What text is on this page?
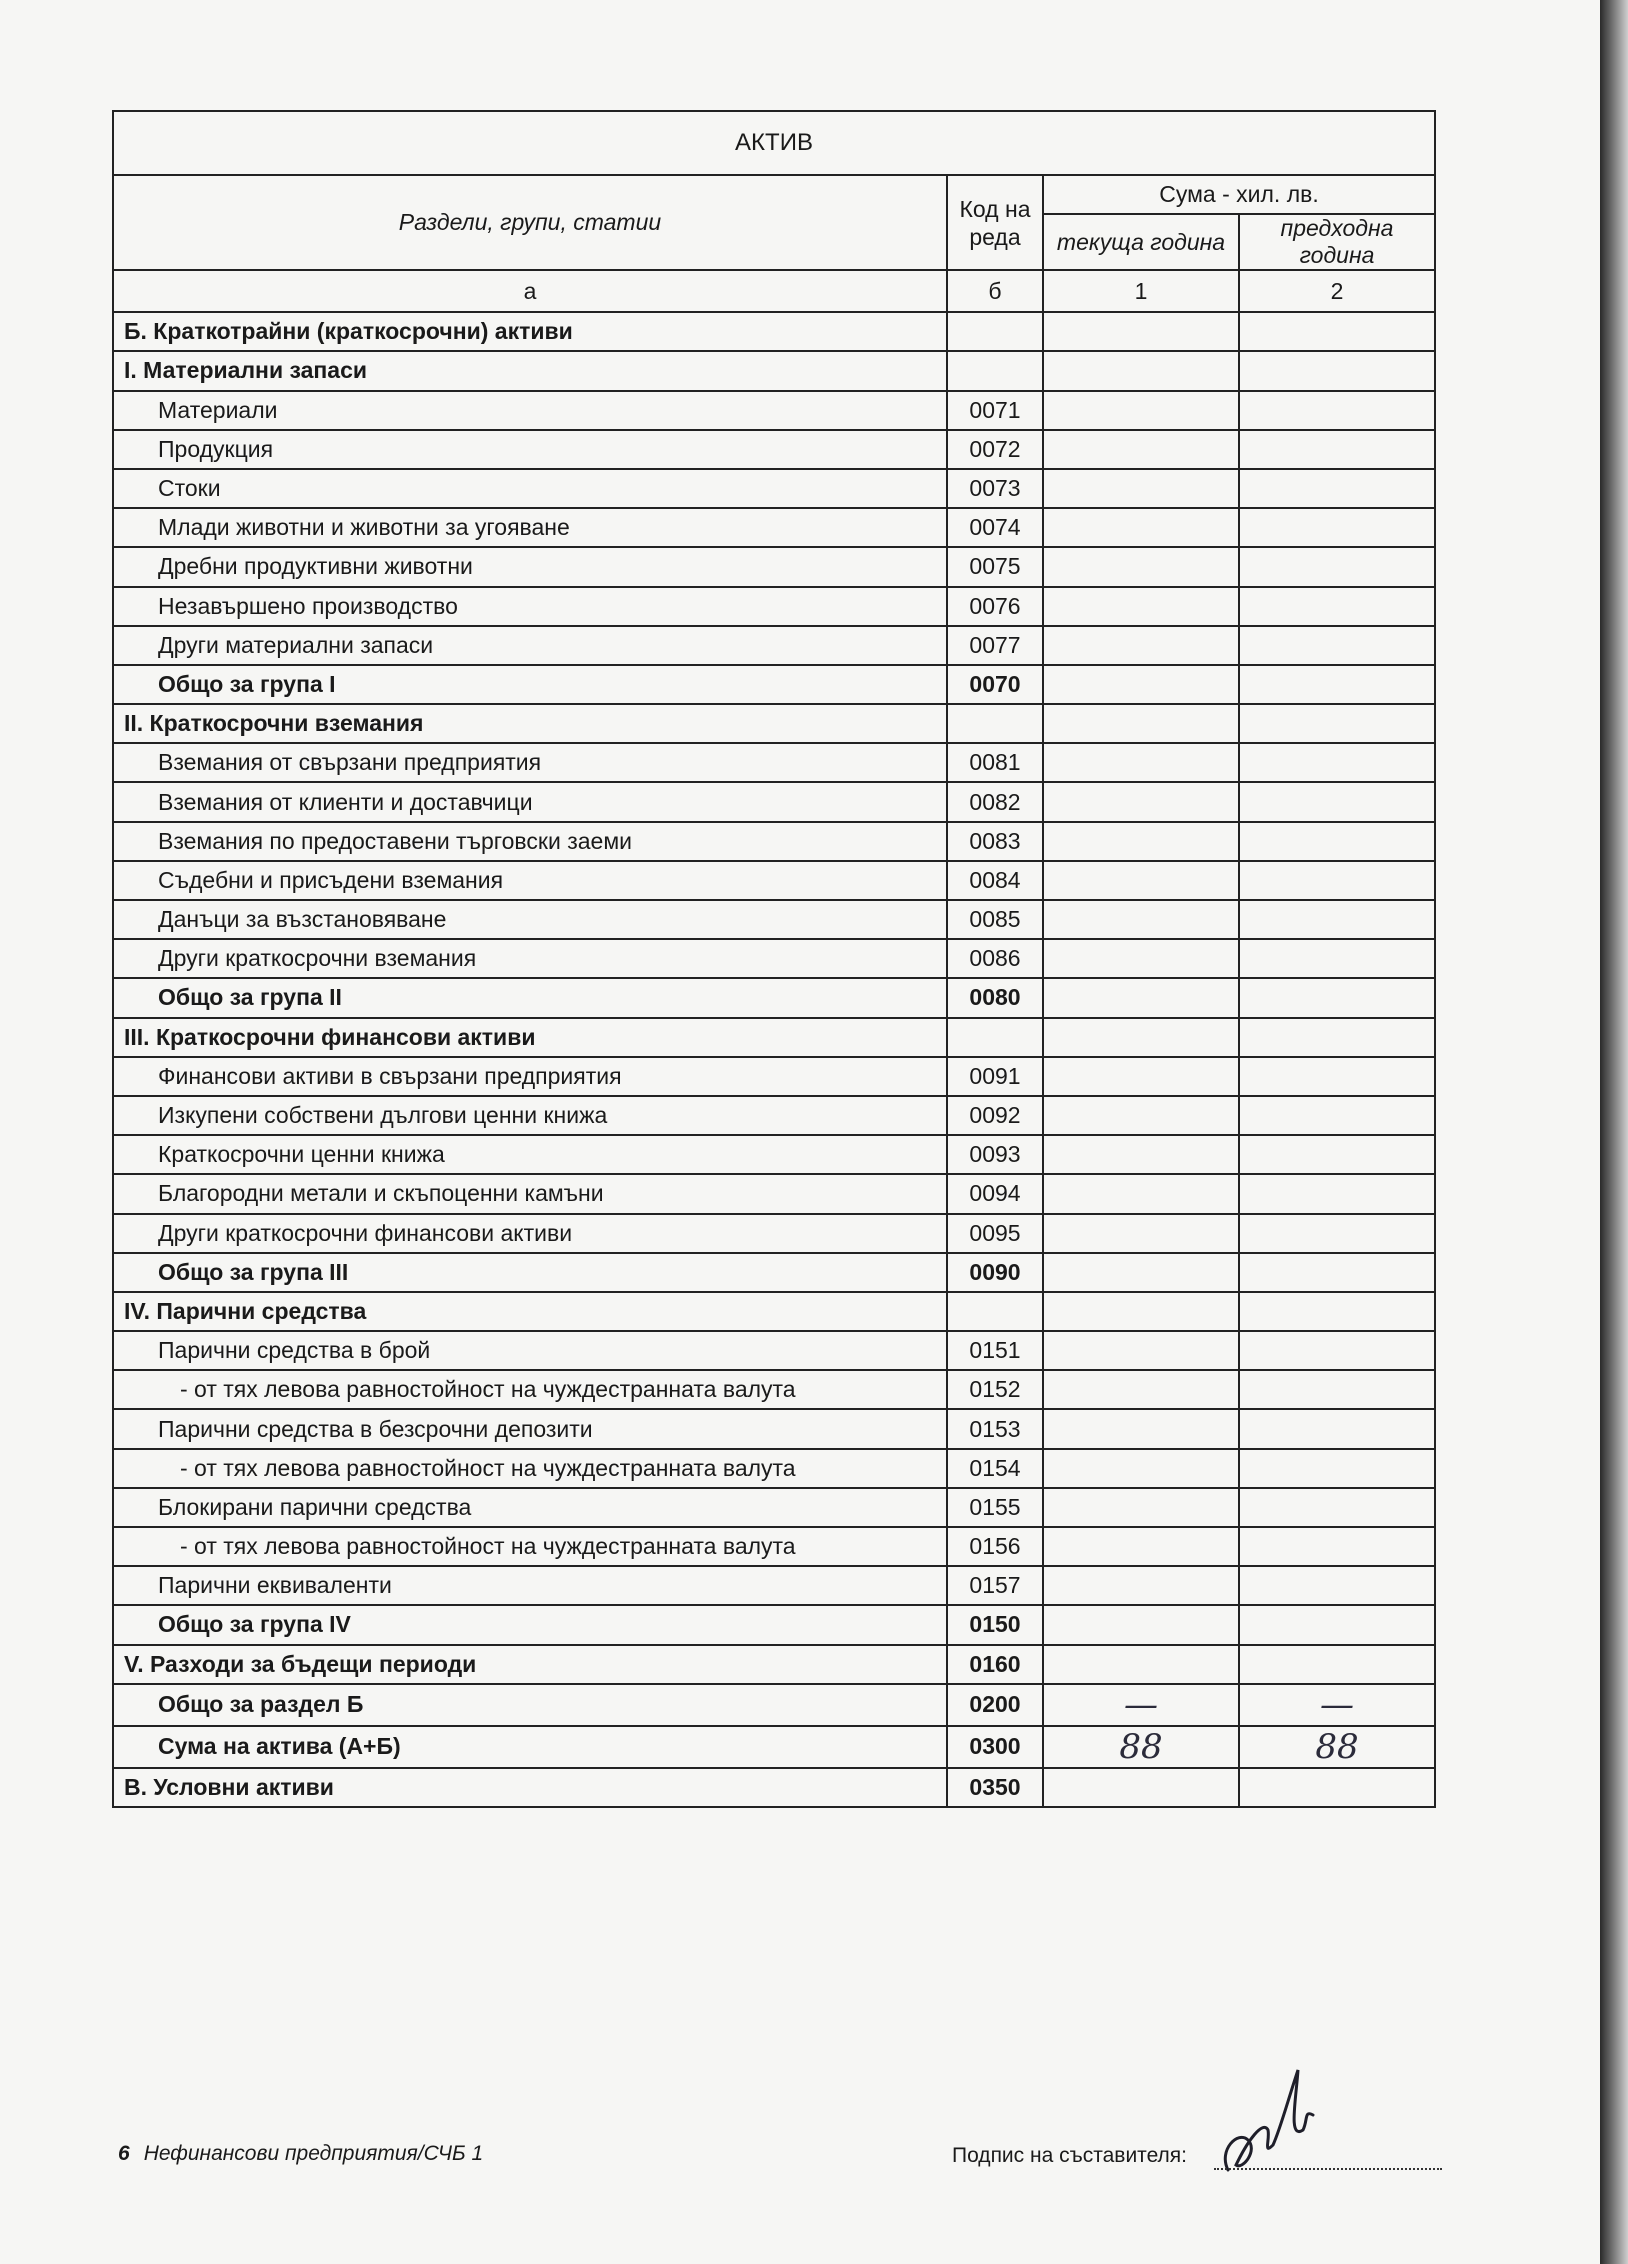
АКТИВ			
Раздели, групи, статии	Код на реда	Сума - хил. лв.	
		текуща година	предходна година
а	б	1	2
Б. Краткотрайни (краткосрочни) активи			
I. Материални запаси			
Материали	0071		
Продукция	0072		
Стоки	0073		
Млади животни и животни за угояване	0074		
Дребни продуктивни животни	0075		
Незавършено производство	0076		
Други материални запаси	0077		
Общо за група I	0070		
II. Краткосрочни вземания			
Вземания от свързани предприятия	0081		
Вземания от клиенти и доставчици	0082		
Вземания по предоставени търговски заеми	0083		
Съдебни и присъдени вземания	0084		
Данъци за възстановяване	0085		
Други краткосрочни вземания	0086		
Общо за група II	0080		
III. Краткосрочни финансови активи			
Финансови активи в свързани предприятия	0091		
Изкупени собствени дългови ценни книжа	0092		
Краткосрочни ценни книжа	0093		
Благородни метали и скъпоценни камъни	0094		
Други краткосрочни финансови активи	0095		
Общо за група III	0090		
IV. Парични средства			
Парични средства в брой	0151		
- от тях левова равностойност на чуждестранната валута	0152		
Парични средства в безсрочни депозити	0153		
- от тях левова равностойност на чуждестранната валута	0154		
Блокирани парични средства	0155		
- от тях левова равностойност на чуждестранната валута	0156		
Парични еквиваленти	0157		
Общо за група IV	0150		
V. Разходи за бъдещи периоди	0160		
Общо за раздел Б	0200	—	—
Сума на актива (А+Б)	0300	88	88
В. Условни активи	0350		
6 Нефинансови предприятия/СЧБ 1	Подпис на съставителя:
